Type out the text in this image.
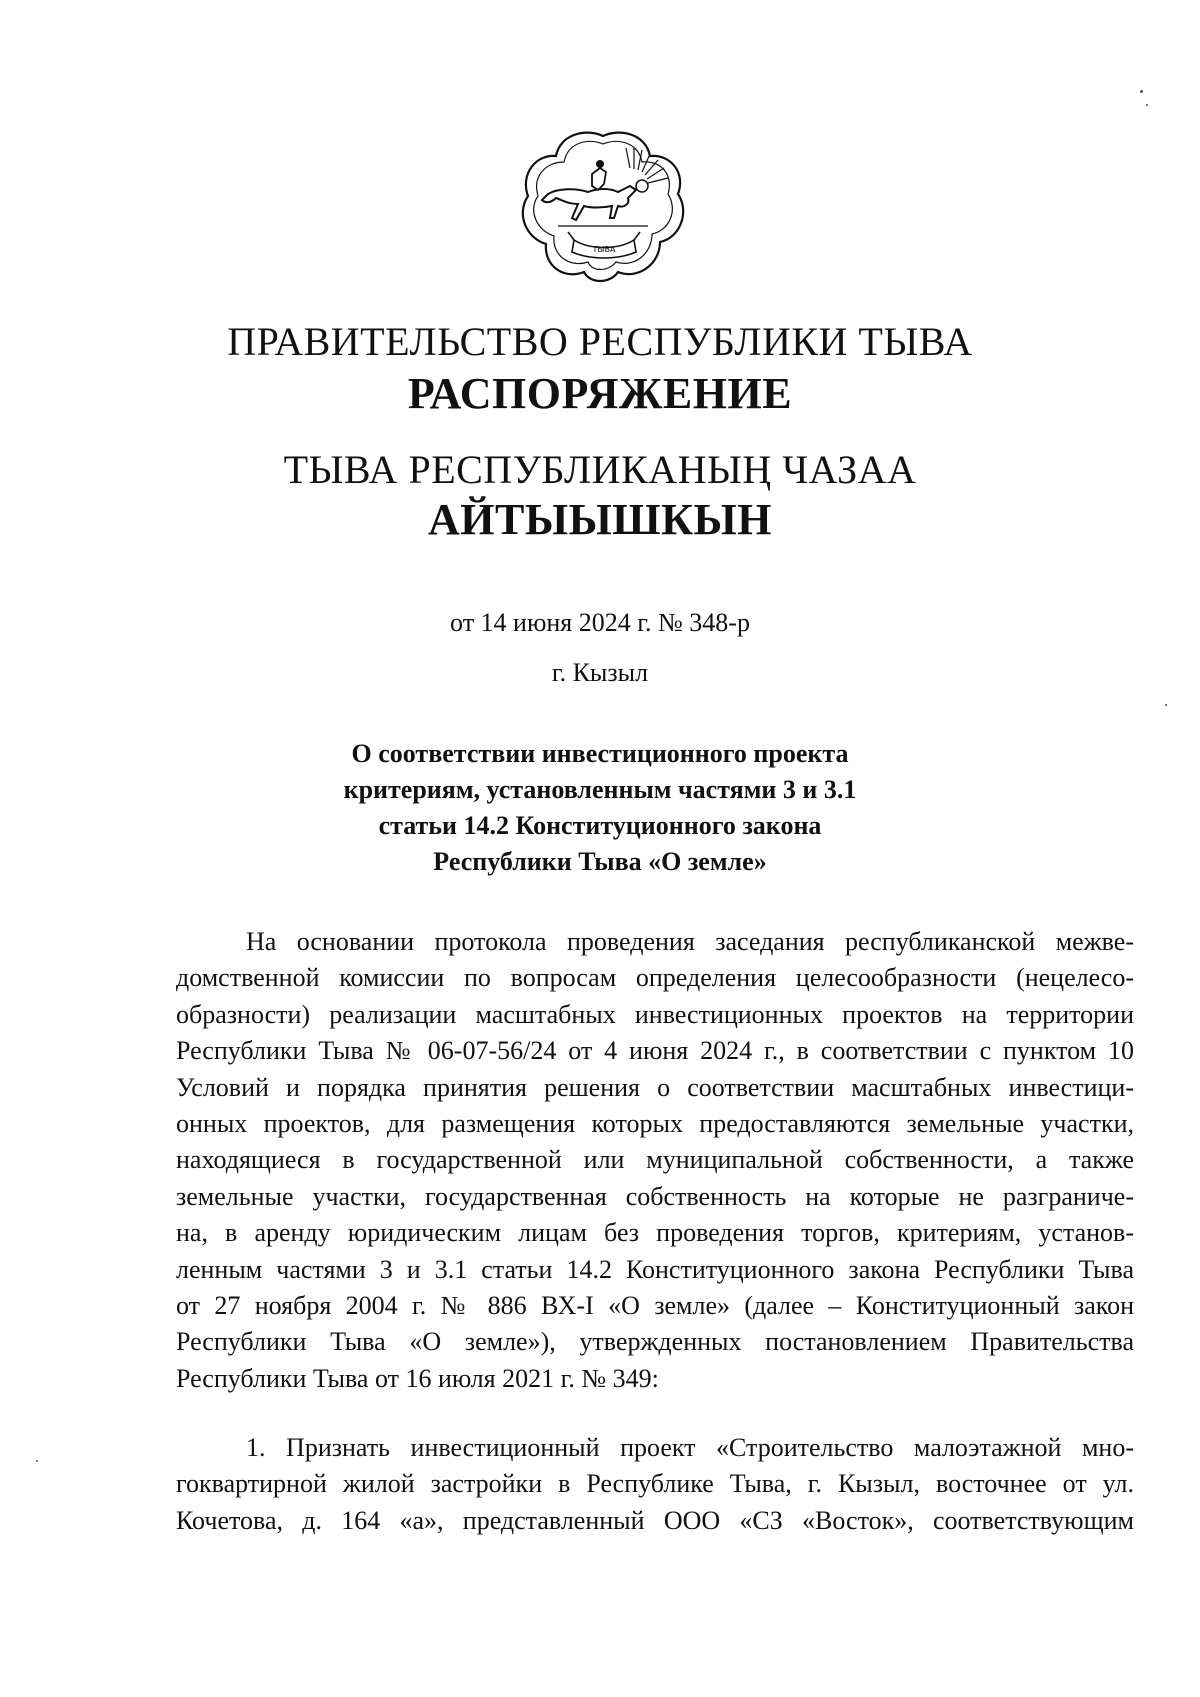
ТЫВА
ПРАВИТЕЛЬСТВО РЕСПУБЛИКИ ТЫВА
РАСПОРЯЖЕНИЕ
ТЫВА РЕСПУБЛИКАНЫҢ ЧАЗАА
АЙТЫЫШКЫН
от 14 июня 2024 г. № 348-р
г. Кызыл
О соответствии инвестиционного проекта
критериям, установленным частями 3 и 3.1
статьи 14.2 Конституционного закона
Республики Тыва «О земле»
На основании протокола проведения заседания республиканской межве-
домственной комиссии по вопросам определения целесообразности (нецелесо-
образности) реализации масштабных инвестиционных проектов на территории
Республики Тыва № 06-07-56/24 от 4 июня 2024 г., в соответствии с пунктом 10
Условий и порядка принятия решения о соответствии масштабных инвестици-
онных проектов, для размещения которых предоставляются земельные участки,
находящиеся в государственной или муниципальной собственности, а также
земельные участки, государственная собственность на которые не разграниче-
на, в аренду юридическим лицам без проведения торгов, критериям, установ-
ленным частями 3 и 3.1 статьи 14.2 Конституционного закона Республики Тыва
от 27 ноября 2004 г. № 886 ВХ-I «О земле» (далее – Конституционный закон
Республики Тыва «О земле»), утвержденных постановлением Правительства
Республики Тыва от 16 июля 2021 г. № 349:
1. Признать инвестиционный проект «Строительство малоэтажной мно-
гоквартирной жилой застройки в Республике Тыва, г. Кызыл, восточнее от ул.
Кочетова, д. 164 «а», представленный ООО «СЗ «Восток», соответствующим
